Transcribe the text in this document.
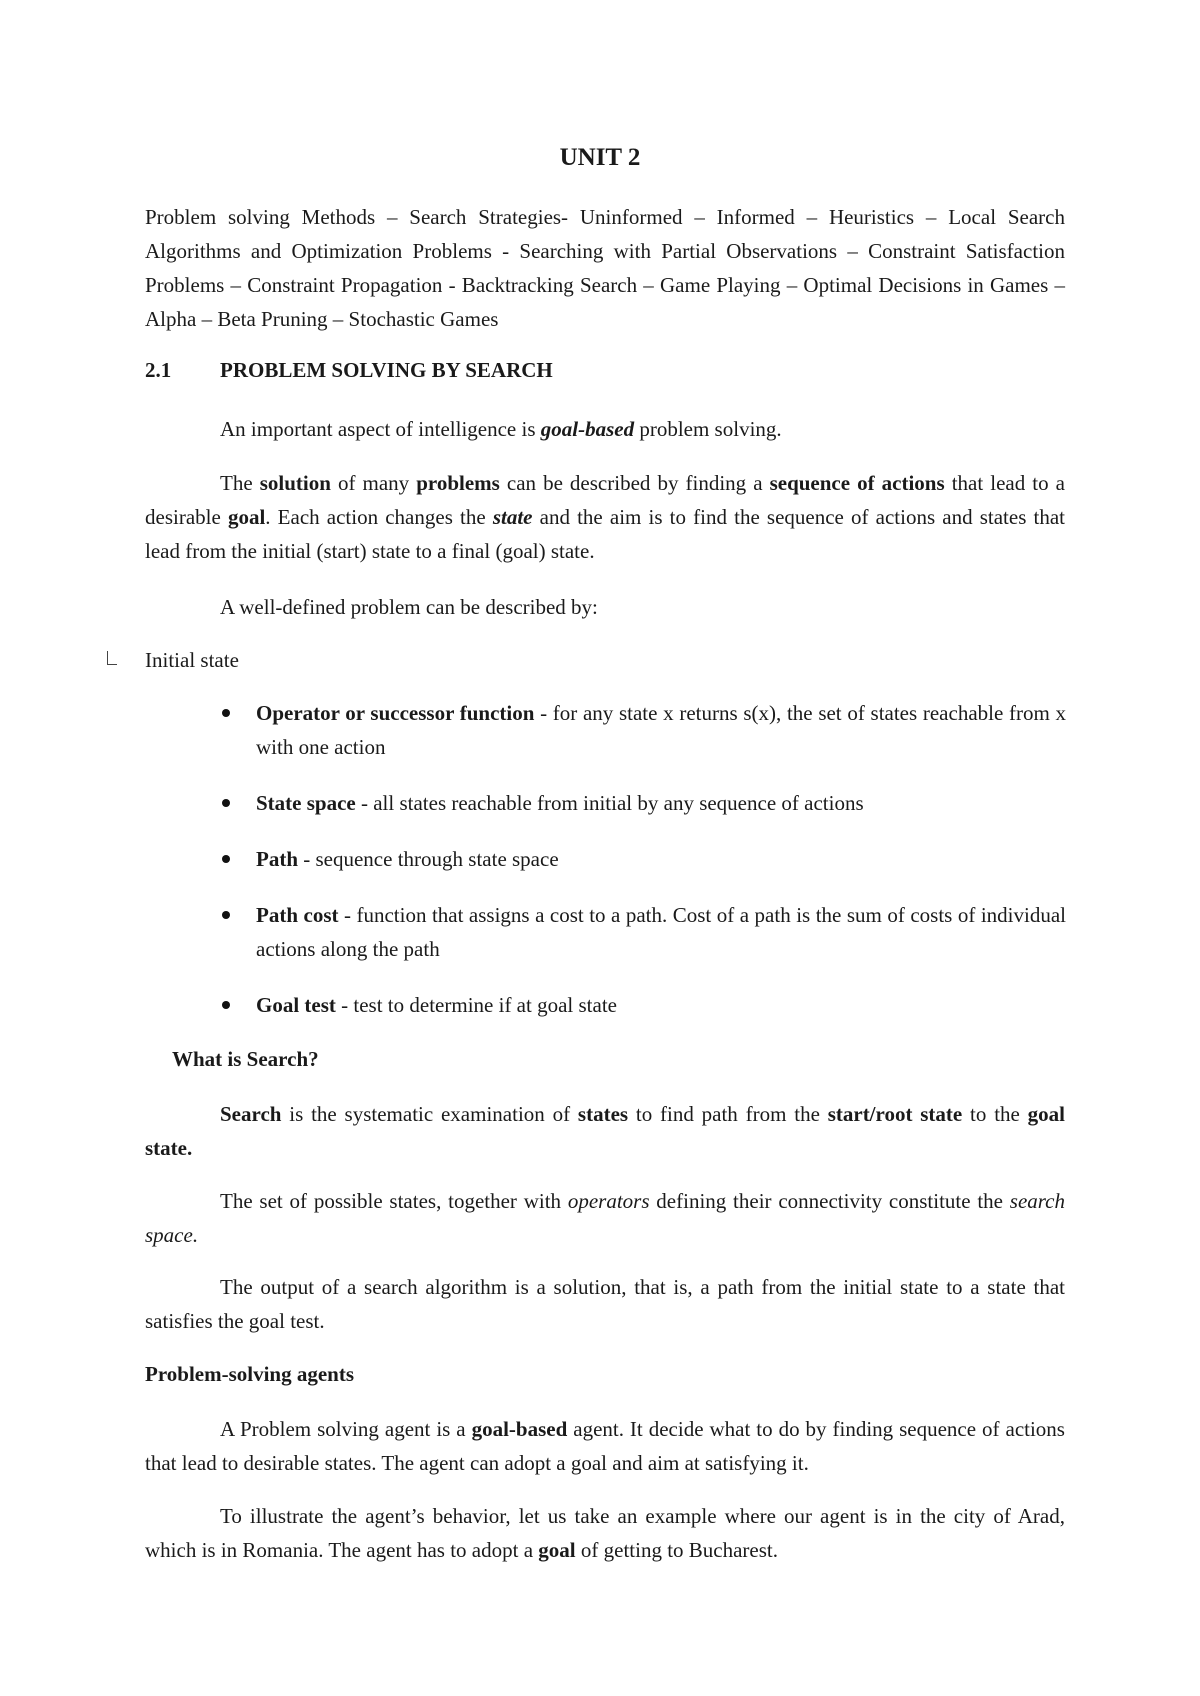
UNIT 2
Problem solving Methods – Search Strategies- Uninformed – Informed – Heuristics – Local Search Algorithms and Optimization Problems - Searching with Partial Observations – Constraint Satisfaction Problems – Constraint Propagation - Backtracking Search – Game Playing – Optimal Decisions in Games – Alpha – Beta Pruning – Stochastic Games
2.1 PROBLEM SOLVING BY SEARCH
An important aspect of intelligence is goal-based problem solving.
The solution of many problems can be described by finding a sequence of actions that lead to a desirable goal. Each action changes the state and the aim is to find the sequence of actions and states that lead from the initial (start) state to a final (goal) state.
A well-defined problem can be described by:
Initial state
Operator or successor function - for any state x returns s(x), the set of states reachable from x with one action
State space - all states reachable from initial by any sequence of actions
Path - sequence through state space
Path cost - function that assigns a cost to a path. Cost of a path is the sum of costs of individual actions along the path
Goal test - test to determine if at goal state
What is Search?
Search is the systematic examination of states to find path from the start/root state to the goal state.
The set of possible states, together with operators defining their connectivity constitute the search space.
The output of a search algorithm is a solution, that is, a path from the initial state to a state that satisfies the goal test.
Problem-solving agents
A Problem solving agent is a goal-based agent. It decide what to do by finding sequence of actions that lead to desirable states. The agent can adopt a goal and aim at satisfying it.
To illustrate the agent’s behavior, let us take an example where our agent is in the city of Arad, which is in Romania. The agent has to adopt a goal of getting to Bucharest.
